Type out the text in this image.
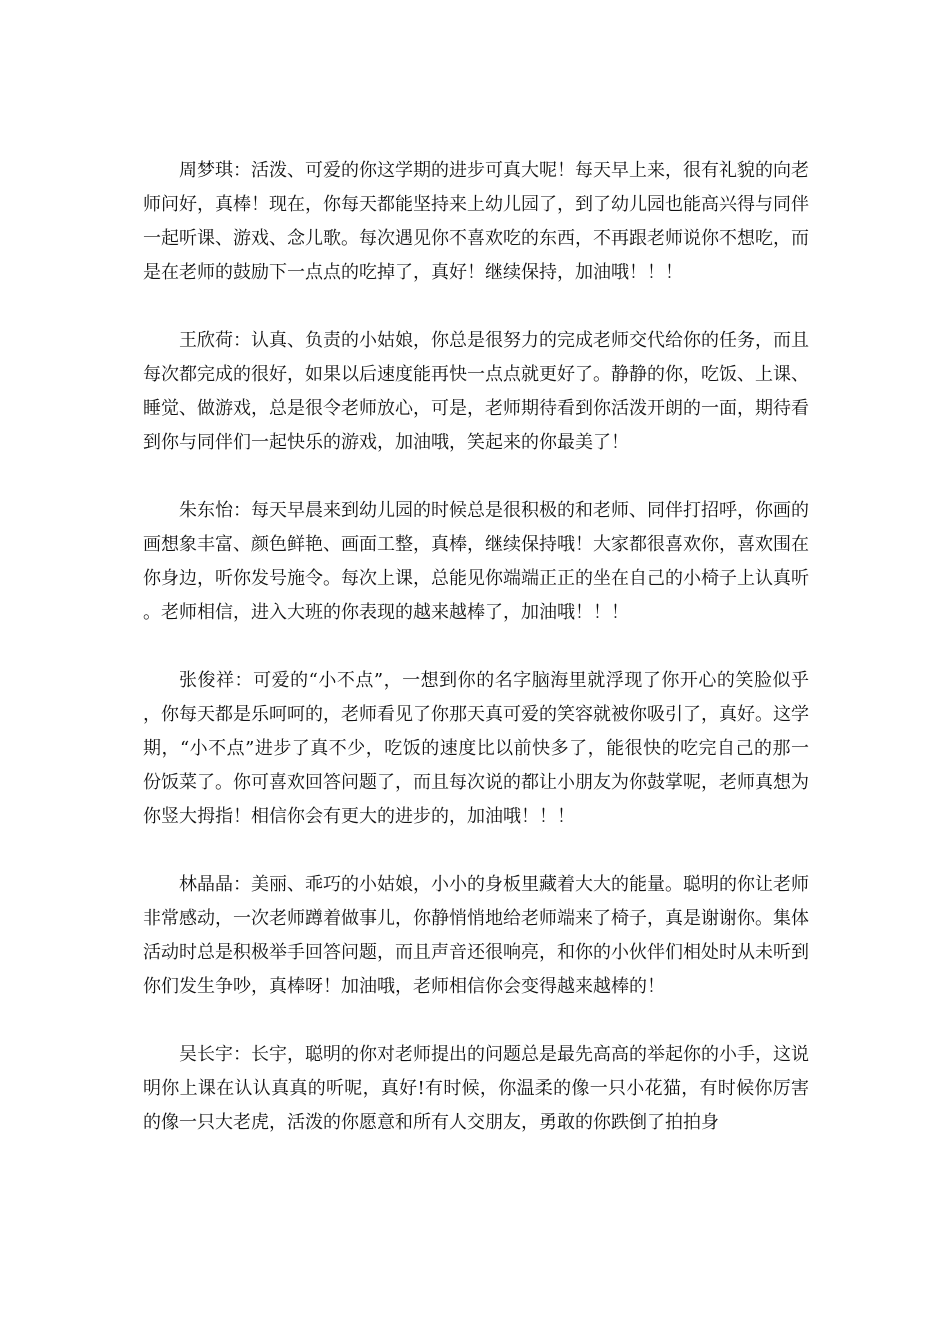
周梦琪：活泼、可爱的你这学期的进步可真大呢！每天早上来，很有礼貌的向老师问好，真棒！现在，你每天都能坚持来上幼儿园了，到了幼儿园也能高兴得与同伴一起听课、游戏、念儿歌。每次遇见你不喜欢吃的东西，不再跟老师说你不想吃，而是在老师的鼓励下一点点的吃掉了，真好！继续保持，加油哦！！！

王欣荷：认真、负责的小姑娘，你总是很努力的完成老师交代给你的任务，而且每次都完成的很好，如果以后速度能再快一点点就更好了。静静的你，吃饭、上课、睡觉、做游戏，总是很令老师放心，可是，老师期待看到你活泼开朗的一面，期待看到你与同伴们一起快乐的游戏，加油哦，笑起来的你最美了！

朱东怡：每天早晨来到幼儿园的时候总是很积极的和老师、同伴打招呼，你画的画想象丰富、颜色鲜艳、画面工整，真棒，继续保持哦！大家都很喜欢你，喜欢围在你身边，听你发号施令。每次上课，总能见你端端正正的坐在自己的小椅子上认真听。老师相信，进入大班的你表现的越来越棒了，加油哦！！！

张俊祥：可爱的“小不点”，一想到你的名字脑海里就浮现了你开心的笑脸似乎，你每天都是乐呵呵的，老师看见了你那天真可爱的笑容就被你吸引了，真好。这学期，“小不点”进步了真不少，吃饭的速度比以前快多了，能很快的吃完自己的那一份饭菜了。你可喜欢回答问题了，而且每次说的都让小朋友为你鼓掌呢，老师真想为你竖大拇指！相信你会有更大的进步的，加油哦！！！

林晶晶：美丽、乖巧的小姑娘，小小的身板里藏着大大的能量。聪明的你让老师非常感动，一次老师蹲着做事儿，你静悄悄地给老师端来了椅子，真是谢谢你。集体活动时总是积极举手回答问题，而且声音还很响亮，和你的小伙伴们相处时从未听到你们发生争吵，真棒呀！加油哦，老师相信你会变得越来越棒的！

吴长宇：长宇，聪明的你对老师提出的问题总是最先高高的举起你的小手，这说明你上课在认认真真的听呢，真好!有时候，你温柔的像一只小花猫，有时候你厉害的像一只大老虎，活泼的你愿意和所有人交朋友，勇敢的你跌倒了拍拍身
